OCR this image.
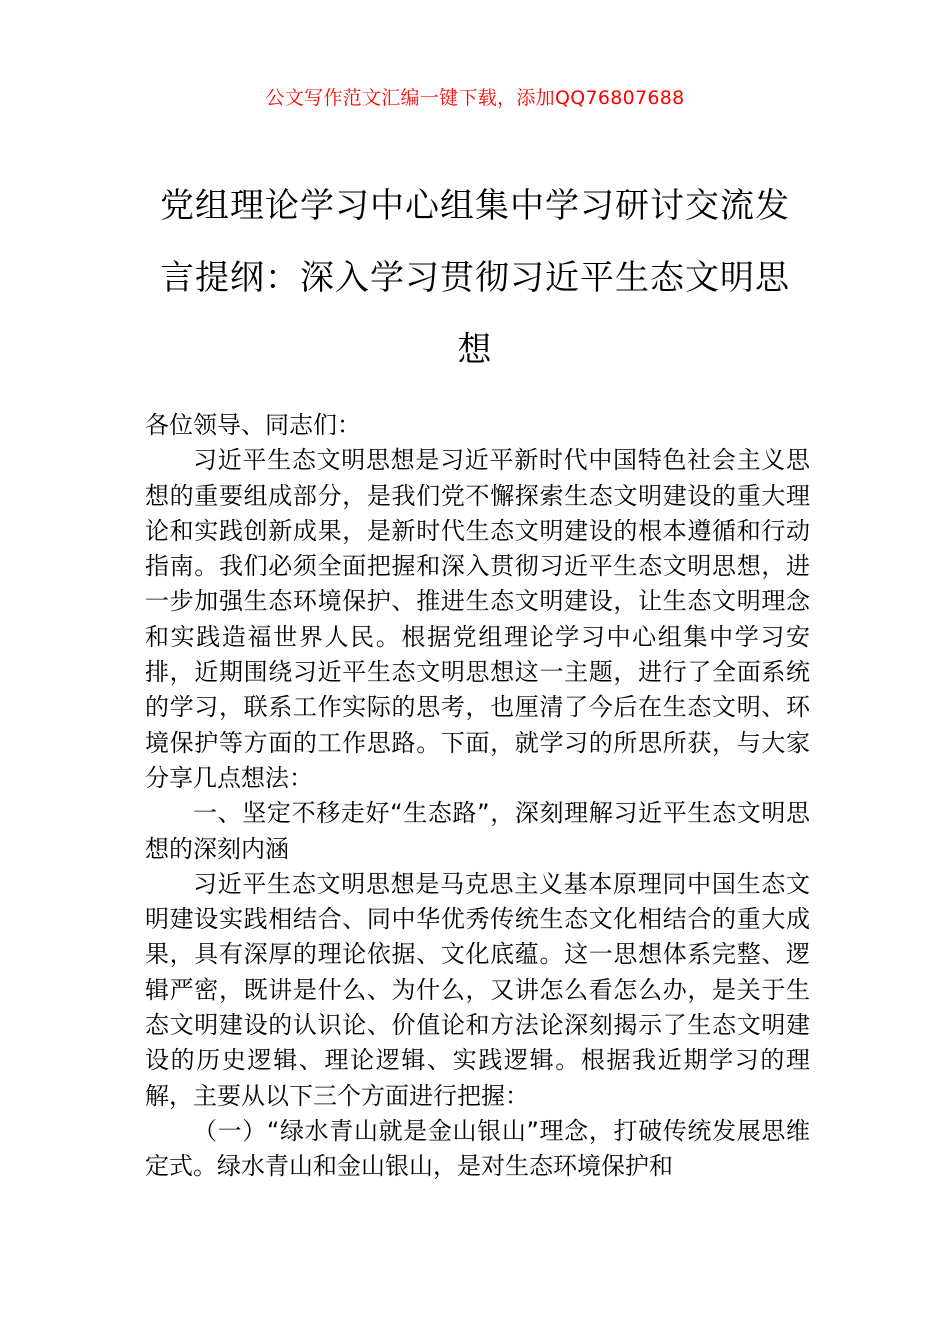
公文写作范文汇编一键下载，添加QQ76807688
党组理论学习中心组集中学习研讨交流发言提纲：深入学习贯彻习近平生态文明思想

各位领导、同志们：

习近平生态文明思想是习近平新时代中国特色社会主义思想的重要组成部分，是我们党不懈探索生态文明建设的重大理论和实践创新成果，是新时代生态文明建设的根本遵循和行动指南。我们必须全面把握和深入贯彻习近平生态文明思想，进一步加强生态环境保护、推进生态文明建设，让生态文明理念和实践造福世界人民。根据党组理论学习中心组集中学习安排，近期围绕习近平生态文明思想这一主题，进行了全面系统的学习，联系工作实际的思考，也厘清了今后在生态文明、环境保护等方面的工作思路。下面，就学习的所思所获，与大家分享几点想法：

一、坚定不移走好“生态路”，深刻理解习近平生态文明思想的深刻内涵

习近平生态文明思想是马克思主义基本原理同中国生态文明建设实践相结合、同中华优秀传统生态文化相结合的重大成果，具有深厚的理论依据、文化底蕴。这一思想体系完整、逻辑严密，既讲是什么、为什么，又讲怎么看怎么办，是关于生态文明建设的认识论、价值论和方法论深刻揭示了生态文明建设的历史逻辑、理论逻辑、实践逻辑。根据我近期学习的理解，主要从以下三个方面进行把握：

（一）“绿水青山就是金山银山”理念，打破传统发展思维定式。绿水青山和金山银山，是对生态环境保护和
